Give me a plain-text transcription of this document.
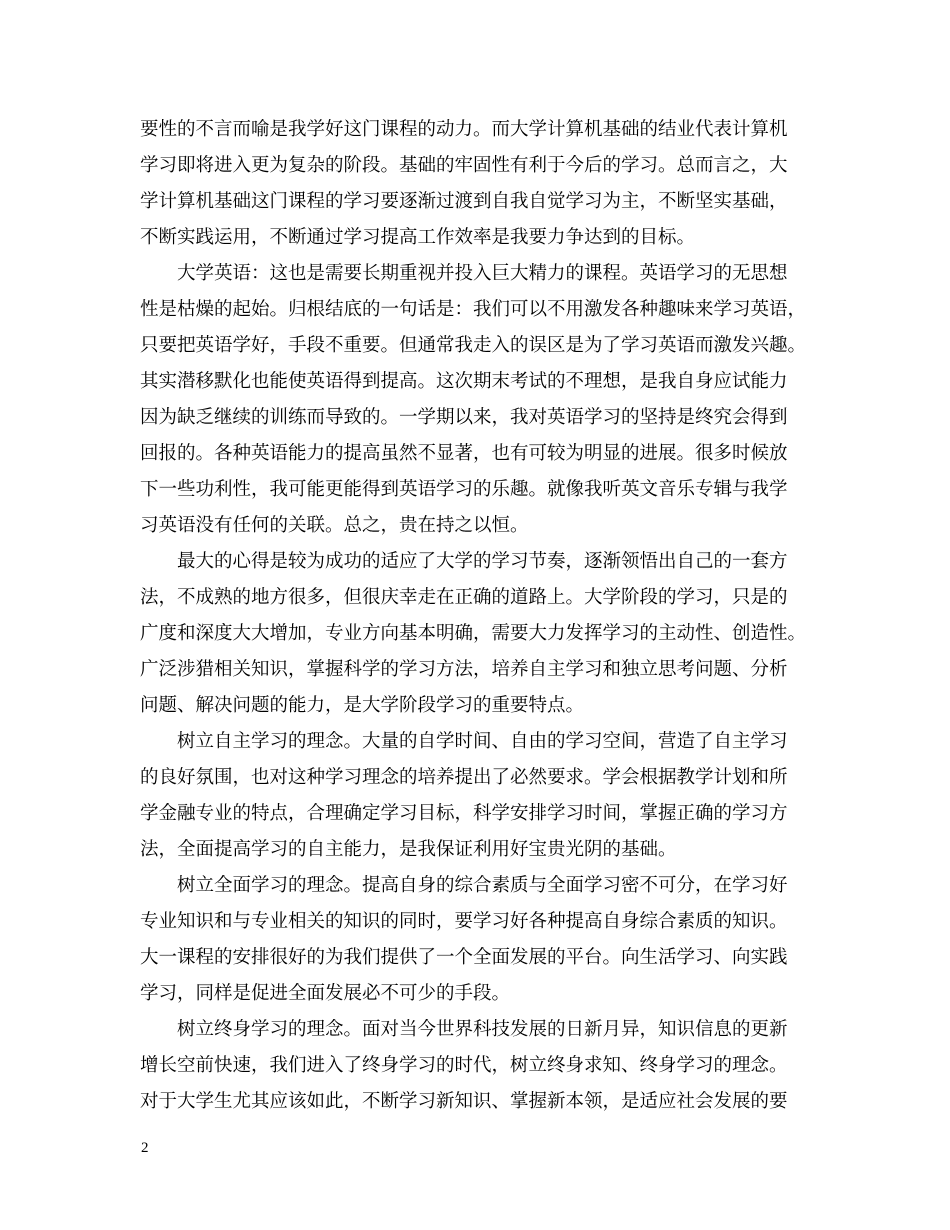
要性的不言而喻是我学好这门课程的动力。而大学计算机基础的结业代表计算机

学习即将进入更为复杂的阶段。基础的牢固性有利于今后的学习。总而言之，大

学计算机基础这门课程的学习要逐渐过渡到自我自觉学习为主，不断坚实基础，

不断实践运用，不断通过学习提高工作效率是我要力争达到的目标。

　　大学英语：这也是需要长期重视并投入巨大精力的课程。英语学习的无思想

性是枯燥的起始。归根结底的一句话是：我们可以不用激发各种趣味来学习英语，

只要把英语学好，手段不重要。但通常我走入的误区是为了学习英语而激发兴趣。

其实潜移默化也能使英语得到提高。这次期末考试的不理想，是我自身应试能力

因为缺乏继续的训练而导致的。一学期以来，我对英语学习的坚持是终究会得到

回报的。各种英语能力的提高虽然不显著，也有可较为明显的进展。很多时候放

下一些功利性，我可能更能得到英语学习的乐趣。就像我听英文音乐专辑与我学

习英语没有任何的关联。总之，贵在持之以恒。

　　最大的心得是较为成功的适应了大学的学习节奏，逐渐领悟出自己的一套方

法，不成熟的地方很多，但很庆幸走在正确的道路上。大学阶段的学习，只是的

广度和深度大大增加，专业方向基本明确，需要大力发挥学习的主动性、创造性。

广泛涉猎相关知识，掌握科学的学习方法，培养自主学习和独立思考问题、分析

问题、解决问题的能力，是大学阶段学习的重要特点。

　　树立自主学习的理念。大量的自学时间、自由的学习空间，营造了自主学习

的良好氛围，也对这种学习理念的培养提出了必然要求。学会根据教学计划和所

学金融专业的特点，合理确定学习目标，科学安排学习时间，掌握正确的学习方

法，全面提高学习的自主能力，是我保证利用好宝贵光阴的基础。

　　树立全面学习的理念。提高自身的综合素质与全面学习密不可分，在学习好

专业知识和与专业相关的知识的同时，要学习好各种提高自身综合素质的知识。

大一课程的安排很好的为我们提供了一个全面发展的平台。向生活学习、向实践

学习，同样是促进全面发展必不可少的手段。

　　树立终身学习的理念。面对当今世界科技发展的日新月异，知识信息的更新

增长空前快速，我们进入了终身学习的时代，树立终身求知、终身学习的理念。

对于大学生尤其应该如此，不断学习新知识、掌握新本领，是适应社会发展的要

2
